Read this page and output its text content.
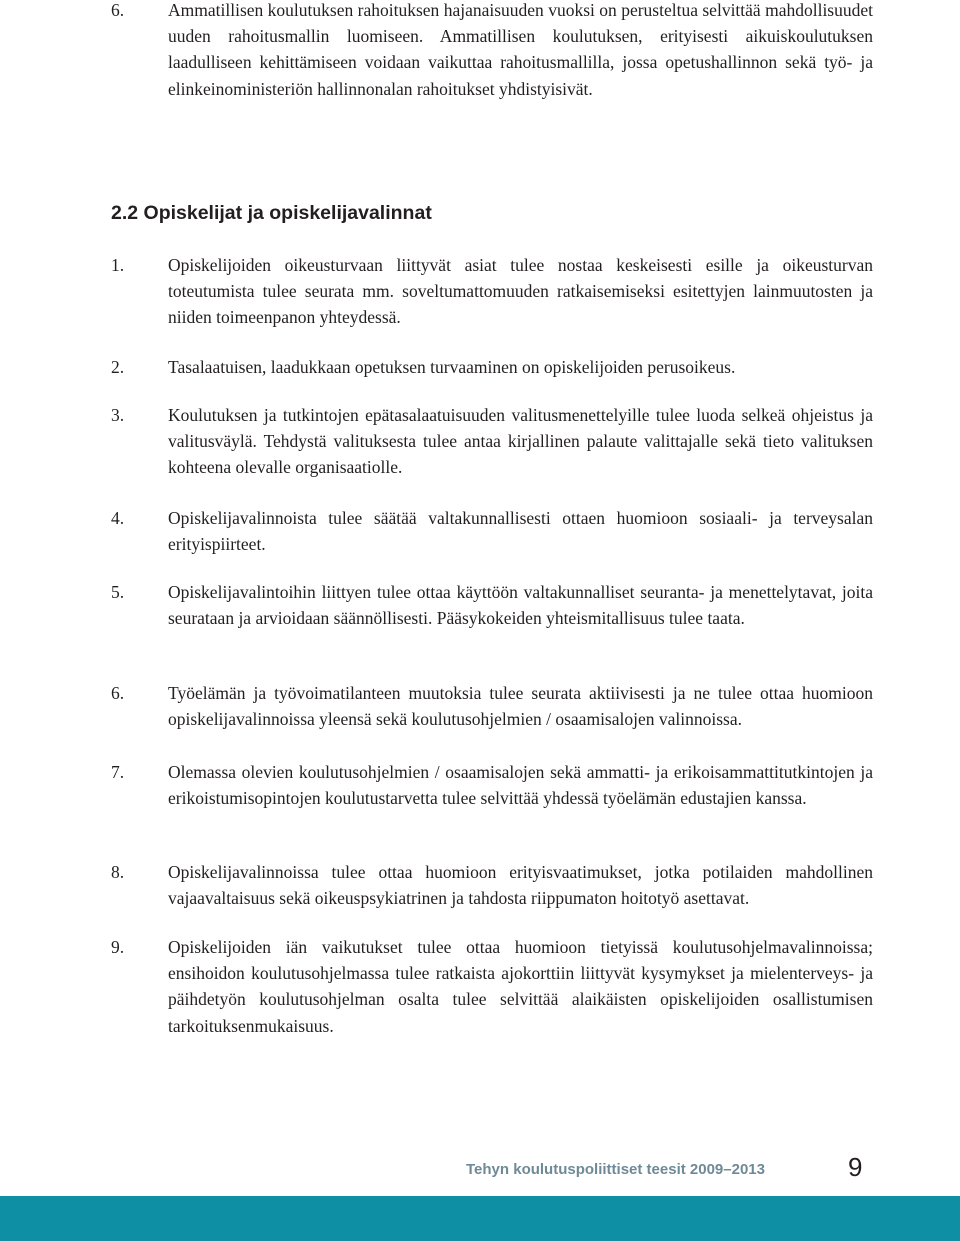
6.	Ammatillisen koulutuksen rahoituksen hajanaisuuden vuoksi on perusteltua selvittää mahdollisuudet uuden rahoitusmallin luomiseen. Ammatillisen koulutuksen, erityisesti aikuiskoulutuksen laadulliseen kehittämiseen voidaan vaikuttaa rahoitusmallilla, jossa opetushallinnon sekä työ- ja elinkeinoministeriön hallinnonalan rahoitukset yhdistyisivät.
2.2 Opiskelijat ja opiskelijavalinnat
1.	Opiskelijoiden oikeusturvaan liittyvät asiat tulee nostaa keskeisesti esille ja oikeusturvan toteutumista tulee seurata mm. soveltumattomuuden ratkaisemiseksi esitettyjen lainmuutosten ja niiden toimeenpanon yhteydessä.
2.	Tasalaatuisen, laadukkaan opetuksen turvaaminen on opiskelijoiden perusoikeus.
3.	Koulutuksen ja tutkintojen epätasalaatuisuuden valitusmenettelyille tulee luoda selkeä ohjeistus ja valitusväylä. Tehdystä valituksesta tulee antaa kirjallinen palaute valittajalle sekä tieto valituksen kohteena olevalle organisaatiolle.
4.	Opiskelijavalinnoista tulee säätää valtakunnallisesti ottaen huomioon sosiaali- ja terveysalan erityispiirteet.
5.	Opiskelijavalintoihin liittyen tulee ottaa käyttöön valtakunnalliset seuranta- ja menettelytavat, joita seurataan ja arvioidaan säännöllisesti. Pääsykokeiden yhteismitallisuus tulee taata.
6.	Työelämän ja työvoimatilanteen muutoksia tulee seurata aktiivisesti ja ne tulee ottaa huomioon opiskelijavalinnoissa yleensä sekä koulutusohjelmien / osaamisalojen valinnoissa.
7.	Olemassa olevien koulutusohjelmien / osaamisalojen sekä ammatti- ja erikoisammattitutkintojen ja erikoistumisopintojen koulutustarvetta tulee selvittää yhdessä työelämän edustajien kanssa.
8.	Opiskelijavalinnoissa tulee ottaa huomioon erityisvaatimukset, jotka potilaiden mahdollinen vajaavaltaisuus sekä oikeuspsykiatrinen ja tahdosta riippumaton hoitotyö asettavat.
9.	Opiskelijoiden iän vaikutukset tulee ottaa huomioon tietyissä koulutusohjelmavalinnoissa; ensihoidon koulutusohjelmassa tulee ratkaista ajokorttiin liittyvät kysymykset ja mielenterveys- ja päihdetyön koulutusohjelman osalta tulee selvittää alaikäisten opiskelijoiden osallistumisen tarkoituksenmukaisuus.
Tehyn koulutuspoliittiset teesit 2009–2013	9
